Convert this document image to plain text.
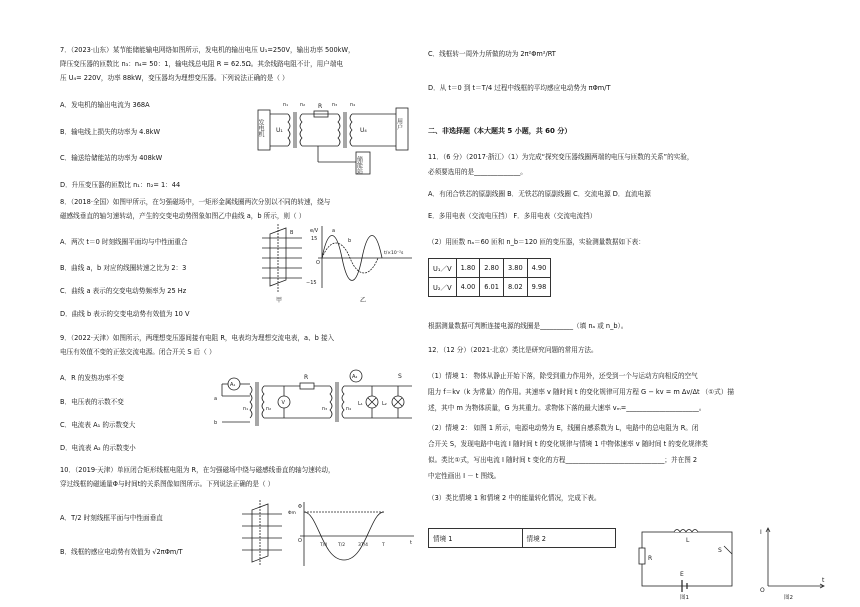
7．（2023·山东）某节能储能输电网络如图所示，发电机的输出电压 U₁=250V，输出功率 500kW，
降压变压器的匝数比 n₃：n₄= 50：1，输电线总电阻 R = 62.5Ω。其余线路电阻不计，用户端电
压 U₄= 220V，功率 88kW，变压器均为理想变压器。下列说法正确的是（ ）
A．发电机的输出电流为 368A
B．输电线上损失的功率为 4.8kW
C．输送给储能站的功率为 408kW
D．升压变压器的匝数比 n₁：n₂= 1：44
发电机 U₁
n₁ n₂ R n₃	n₄
U₄
用户
储能站
8．（2018·全国）如图甲所示，在匀强磁场中，一矩形金属线圈两次分别以不同的转速，绕与
磁感线垂直的轴匀速转动，产生的交变电动势图象如图乙中曲线 a，b 所示，则（ ）
A．两次 t＝0 时刻线圈平面均与中性面重合
B．曲线 a，b 对应的线圈转速之比为 2：3
C．曲线 a 表示的交变电动势频率为 25 Hz
D．曲线 b 表示的交变电动势有效值为 10 V
B
甲
e/V
15
−15
O
t/×10⁻²s
a
b
乙
9．（2022·天津）如图所示，两理想变压器间接有电阻 R，电表均为理想交流电表，a、b 接入
电压有效值不变的正弦交流电源。闭合开关 S 后（ ）
A．R 的发热功率不变
B．电压表的示数不变
C．电流表 A₁ 的示数变大
D．电流表 A₂ 的示数变小
A₁
a
b
n₁	n₂
V
R
n₃	n₄
A₂	S
L₁	L₂
10．（2019·天津）单匝闭合矩形线框电阻为 R，在匀强磁场中绕与磁感线垂直的轴匀速转动，
穿过线框的磁通量Φ与时间t的关系图像如图所示。下列说法正确的是（ ）
A．T/2 时刻线框平面与中性面垂直
B．线框的感应电动势有效值为 √2πΦm/T
Φ
Φm
O	t
T/4 T/2	3T/4	T
C．线框转一周外力所做的功为 2π²Φm²/RT
D．从 t＝0 到 t＝T/4 过程中线框的平均感应电动势为 πΦm/T
二、非选择题（本大题共 5 小题，共 60 分）
11．（6 分）（2017·浙江）（1）为完成“探究变压器线圈两端的电压与匝数的关系”的实验，
必须要选用的是______________。
A．有闭合铁芯的原副线圈 B．无铁芯的原副线圈 C．交流电源 D．直流电源
E．多用电表（交流电压挡） F．多用电表（交流电流挡）
（2）用匝数 nₐ＝60 匝和 n_b＝120 匝的变压器，实验测量数据如下表：
U₁／V	1.80	2.80	3.80	4.90
U₂／V	4.00	6.01	8.02	9.98
根据测量数据可判断连接电源的线圈是__________（填 nₐ 或 n_b）。
12．（12 分）（2021·北京）类比是研究问题的常用方法。
（1）情境 1： 物体从静止开始下落，除受到重力作用外，还受到一个与运动方向相反的空气
阻力 f＝kv（k 为常量）的作用。其速率 v 随时间 t 的变化规律可用方程 G − kv = m Δv/Δt （①式）描
述，其中 m 为物体质量，G 为其重力。求物体下落的最大速率 vₘ=______________________。
（2）情境 2： 如图 1 所示，电源电动势为 E，线圈自感系数为 L，电路中的总电阻为 R。闭
合开关 S，发现电路中电流 I 随时间 t 的变化规律与情境 1 中物体速率 v 随时间 t 的变化规律类
似。类比①式，写出电流 I 随时间 t 变化的方程______________________________；并在图 2
中定性画出 I － t 图线。
（3）类比情境 1 和情境 2 中的能量转化情况，完成下表。
情境 1	情境 2	L
R
S
E
图1
I
O
t
图2
